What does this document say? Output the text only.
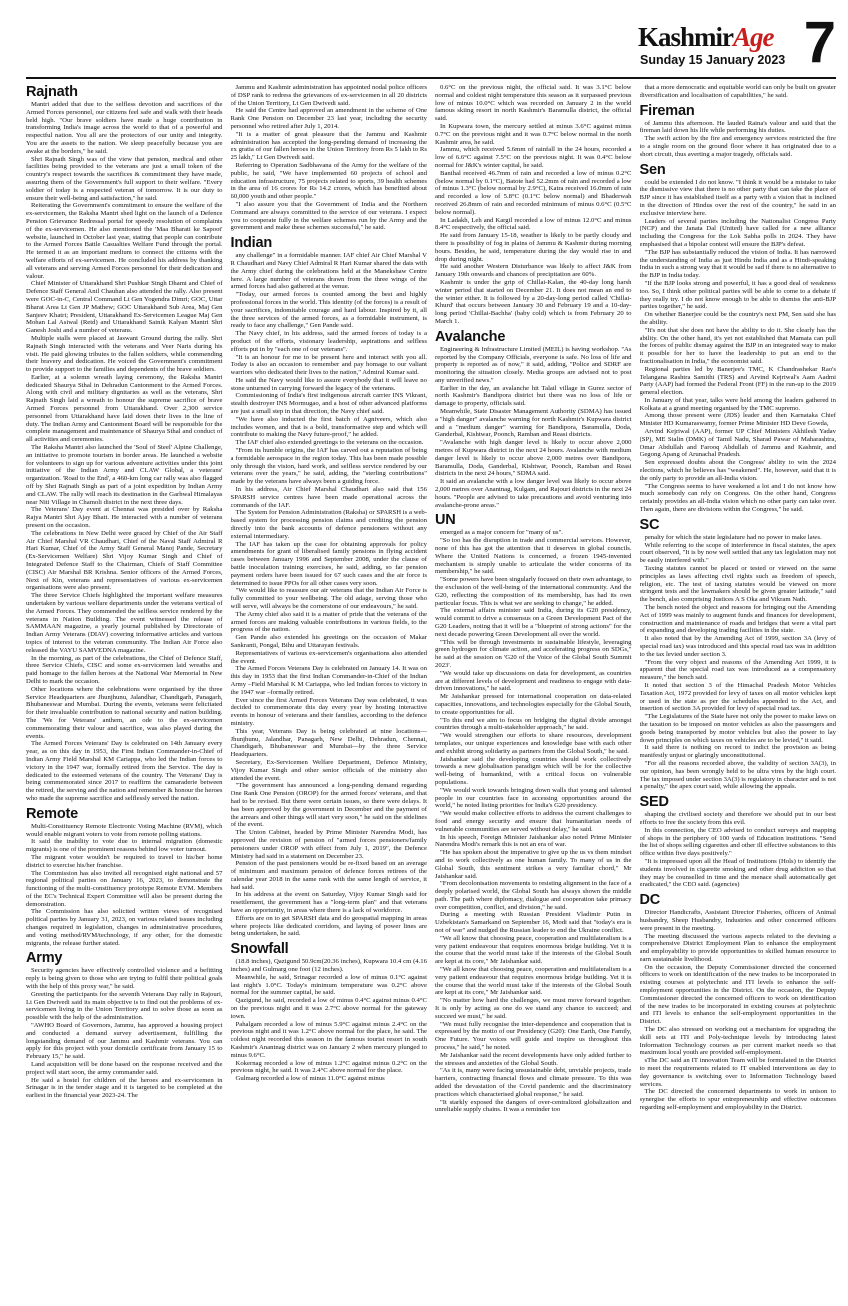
KashmirAge
Sunday 15 January 2023 7
Rajnath

Mantri added that due to the selfless devotion and sacrifices of the Armed Forces personnel, our citizens feel safe and walk with their heads held high. "Our brave soldiers have made a huge contribution in transforming India's image across the world to that of a powerful and respectful nation. You all are the protectors of our unity and integrity. You are the assets to the nation. We sleep peacefully because you are awake at the borders," he said.

Shri Rajnath Singh was of the view that pension, medical and other facilities being provided to the veterans are just a small token of the country's respect towards the sacrifices & commitment they have made, assuring them of the Government's full support to their welfare. "Every soldier of today is a respected veteran of tomorrow. It is our duty to ensure their well-being and satisfaction," he said.

Reiterating the Government's commitment to ensure the welfare of the ex-servicemen, the Raksha Mantri shed light on the launch of a Defence Pension Grievance Redressal portal for speedy resolution of complaints of the ex-servicemen. He also mentioned the 'Maa Bharati ke Sapoot' website, launched in October last year, stating that people can contribute to the Armed Forces Battle Casualties Welfare Fund through the portal. He termed it as an important medium to connect the citizens with the welfare efforts of ex-servicemen. He concluded his address by thanking all veterans and serving Armed Forces personnel for their dedication and valour.

Chief Minister of Uttarakhand Shri Pushkar Singh Dhami and Chief of Defence Staff General Anil Chauhan also attended the rally. Also present were GOC-in-C, Central Command Lt Gen Yogendra Dimri; GOC, Uttar Bharat Area Lt Gen JP Mathew; GOC Uttarakhand Sub Area, Maj Gen Sanjeev Khatri; President, Uttarakhand Ex-Servicemen League Maj Gen Mohan Lal Asiwal (Retd) and Uttarakhand Sainik Kalyan Mantri Shri Ganesh Joshi and a number of veterans.

Multiple stalls were placed at Jaswant Ground during the rally. Shri Rajnath Singh interacted with the veterans and Veer Naris during his visit. He paid glowing tributes to the fallen soldiers, while commending their bravery and dedication. He voiced the Government's commitment to provide support to the families and dependents of the brave soldiers.

Earlier, at a solemn wreath laying ceremony, the Raksha Mantri dedicated Shaurya Sthal in Dehradun Cantonment to the Armed Forces. Along with civil and military dignitaries as well as the veterans, Shri Rajnath Singh laid a wreath to honour the supreme sacrifice of brave Armed Forces personnel from Uttarakhand. Over 2,300 service personnel from Uttarakhand have laid down their lives in the line of duty. The Indian Army and Cantonment Board will be responsible for the complete management and maintenance of Shaurya Sthal and conduct of all activities and ceremonies.

The Raksha Mantri also launched the 'Soul of Steel' Alpine Challenge, an initiative to promote tourism in border areas. He launched a website for volunteers to sign up for various adventure activities under this joint initiative of the Indian Army and CLAW Global, a veterans' organization. 'Road to the End', a 460-km long car rally was also flagged off by Shri Rajnath Singh as part of a joint expedition by Indian Army and CLAW. The rally will reach its destination in the Garhwal Himalayas near Niti Village in Chamoli district in the next three days.

The Veterans' Day event at Chennai was presided over by Raksha Rajya Mantri Shri Ajay Bhatt. He interacted with a number of veterans present on the occasion.

The celebrations in New Delhi were graced by Chief of the Air Staff Air Chief Marshal VR Chaudhari, Chief of the Naval Staff Admiral R Hari Kumar, Chief of the Army Staff General Manoj Pande, Secretary (Ex-Servicemen Welfare) Shri Vijoy Kumar Singh and Chief of Integrated Defence Staff to the Chairman, Chiefs of Staff Committee (CISC) Air Marshal BR Krishna. Senior officers of the Armed Forces, Next of Kin, veterans and representatives of various ex-servicemen organisations were also present.

The three Service Chiefs highlighted the important welfare measures undertaken by various welfare departments under the veterans vertical of the Armed Forces. They commended the selfless service rendered by the veterans in Nation Building. The event witnessed the release of SAMMAAN magazine, a yearly journal published by Directorate of Indian Army Veterans (DIAV) covering informative articles and various topics of interest to the veteran community. The Indian Air Force also released the VAYU SAMVEDNA magazine.

In the morning, as part of the celebrations, the Chief of Defence Staff, three Service Chiefs, CISC and some ex-servicemen laid wreaths and paid homage to the fallen heroes at the National War Memorial in New Delhi to mark the occasion.

Other locations where the celebrations were organised by the three Service Headquarters are Jhunjhunu, Jalandhar, Chandigarh, Panagarh, Bhubaneswar and Mumbai. During the events, veterans were felicitated for their invaluable contribution to national security and nation building. The 'We for Veterans' anthem, an ode to the ex-servicemen commemorating their valour and sacrifice, was also played during the events.

The Armed Forces Veterans' Day is celebrated on 14th January every year, as on this day in 1953, the First Indian Commander-in-Chief of Indian Army Field Marshal KM Cariappa, who led the Indian forces to victory in the 1947 war, formally retired from the Service. The day is dedicated to the esteemed veterans of the country. The Veterans' Day is being commemorated since 2017 to reaffirm the camaraderie between the retired, the serving and the nation and remember & honour the heroes who made the supreme sacrifice and selflessly served the nation.

Remote

Multi-Constituency Remote Electronic Voting Machine (RVM), which would enable migrant voters to vote from remote polling stations.

It said the inability to vote due to internal migration (domestic migrants) is one of the prominent reasons behind low voter turnout.

The migrant voter wouldn't be required to travel to his/her home district to exercise his/her franchise.

The Commission has also invited all recognised eight national and 57 regional political parties on January 16, 2023, to demonstrate the functioning of the multi-constituency prototype Remote EVM. Members of the EC's Technical Expert Committee will also be present during the demonstration.

The Commission has also solicited written views of recognised political parties by January 31, 2023, on various related issues including changes required in legislation, changes in administrative procedures, and voting method/RVM/technology, if any other, for the domestic migrants, the release further stated.

Army

Security agencies have effectively controlled violence and a befitting reply is being given to those who are trying to fulfil their political goals with the help of this proxy war," he said.

Greeting the participants for the seventh Veterans Day rally in Rajouri, Lt Gen Dwivedi said its main objective is to find out the problems of ex-servicemen living in the Union Territory and to solve those as soon as possible with the help of the administration.

"AWHO Board of Governors, Jammu, has approved a housing project and conducted a demand survey advertisement, fulfilling the longstanding demand of our Jammu and Kashmir veterans. You can apply for this project with your domicile certificate from January 15 to February 15," he said.

Land acquisition will be done based on the response received and the project will start soon, the army commander said.

He said a hostel for children of the heroes and ex-servicemen in Srinagar is in the tender stage and it is targeted to be completed at the earliest in the financial year 2023-24. The

Jammu and Kashmir administration has appointed nodal police officers of DSP rank to redress the grievances of ex-servicemen in all 20 districts of the Union Territory, Lt Gen Dwivedi said.

He said the Centre had approved an amendment in the scheme of One Rank One Pension on December 23 last year, including the security personnel who retired after July 1, 2014.

"It is a matter of great pleasure that the Jammu and Kashmir administration has accepted the long-pending demand of increasing the ex gratia of our fallen heroes in the Union Territory from Rs 5 lakh to Rs 25 lakh," Lt Gen Dwivedi said.

Referring to Operation Sadbhavana of the Army for the welfare of the public, he said, "We have implemented 60 projects of school and education infrastructure, 75 projects related to sports, 39 health schemes in the area of 16 crores for Rs 14.2 crores, which has benefited about 60,000 youth and other people."

"I also assure you that the Government of India and the Northern Command are always committed to the service of our veterans. I expect you to cooperate fully in the welfare schemes run by the Army and the government and make these schemes successful," he said.

Indian

any challenge" in a formidable manner. IAF chief Air Chief Marshal V R Chaudhari and Navy Chief Admiral R Hari Kumar shared the dais with the Army chief during the celebrations held at the Manekshaw Centre here. A large number of veterans drawn from the three wings of the armed forces had also gathered at the venue.

"Today, our armed forces is counted among the best and highly professional forces in the world. This identity (of the forces) is a result of your sacrifices, indomitable courage and hard labour. Inspired by it, all the three services of the armed forces, as a formidable instrument, is ready to face any challenge," Gen Pande said.

The Navy chief, in his address, said the armed forces of today is a product of the efforts, visionary leadership, aspirations and selfless efforts put in by "each one of our veterans".

"It is an honour for me to be present here and interact with you all. Today is also an occasion to remember and pay homage to our valiant warriors who dedicated their lives to the nation," Admiral Kumar said.

He said the Navy would like to assure everybody that it will leave no stone unturned in carrying forward the legacy of the veterans.

Commissioning of India's first indigenous aircraft carrier INS Vikrant, stealth destroyer INS Mormugao, and a host of other advanced platforms are just a small step in that direction, the Navy chief said.

"We have also inducted the first batch of Agniveers, which also includes women, and that is a bold, transformative step and which will contribute to making the Navy future-proof," he added.

The IAF chief also extended greetings to the veterans on the occasion.

"From its humble origins, the IAF has carved out a reputation of being a formidable aerospace in the region today. This has been made possible only through the vision, hard work, and selfless service rendered by our veterans over the years," he said, adding, the "sterling contributions" made by the veterans have always been a guiding force.

In his address, Air Chief Marshal Chaudhari also said that 156 SPARSH service centres have been made operational across the commands of the IAF.

The System for Pension Administration (Raksha) or SPARSH is a web-based system for processing pension claims and crediting the pension directly into the bank accounts of defence pensioners without any external intermediary.

The IAF has taken up the case for obtaining approvals for policy amendments for grant of liberalised family pensions in flying accident cases between January 1996 and September 2008, under the clause of battle inoculation training exercises, he said, adding, so far pension payment orders have been issued for 67 such cases and the air force is determined to issue PPOs for all other cases very soon.

"We would like to reassure our air veterans that the Indian Air Force is fully committed to your wellbeing. The old adage, serving those who will serve, will always be the cornerstone of our endeavours," he said.

The Army chief also said it is a matter of pride that the veterans of the armed forces are making valuable contributions in various fields, to the progress of the nation.

Gen Pande also extended his greetings on the occasion of Makar Sankranti, Pongal, Bihu and Uttarayan festivals.

Representatives of various ex-servicemen's organisations also attended the event.

The Armed Forces Veterans Day is celebrated on January 14. It was on this day in 1953 that the first Indian Commander-in-Chief of the Indian Army –Field Marshal K M Cariappa, who led Indian forces to victory in the 1947 war –formally retired.

Ever since the first Armed Forces Veterans Day was celebrated, it was decided to commemorate this day every year by hosting interactive events in honour of veterans and their families, according to the defence ministry.

This year, Veterans Day is being celebrated at nine locations—Jhunjhunu, Jalandhar, Panagarh, New Delhi, Dehradun, Chennai, Chandigarh, Bhubaneswar and Mumbai—by the three Service Headquarters.

Secretary, Ex-Servicemen Welfare Department, Defence Ministry, Vijoy Kumar Singh and other senior officials of the ministry also attended the event.

"The government has announced a long-pending demand regarding One Rank One Pension (OROP) for the armed forces' veterans, and that had to be revised. But there were certain issues, so there were delays. It has been approved by the government in December and the payment of the arrears and other things will start very soon," he said on the sidelines of the event.

The Union Cabinet, headed by Prime Minister Narendra Modi, has approved the revision of pension of "armed forces pensioners/family pensioners under OROP with effect from July 1, 2019", the Defence Ministry had said in a statement on December 23.

Pension of the past pensioners would be re-fixed based on an average of minimum and maximum pension of defence forces retirees of the calendar year 2018 in the same rank with the same length of service, it had said.

In his address at the event on Saturday, Vijoy Kumar Singh said for resettlement, the government has a "long-term plan" and that veterans have an opportunity, in areas where there is a lack of workforce.

Efforts are on to get SPARSH data and do geospatial mapping in areas where projects like dedicated corridors, and laying of power lines are being undertaken, he said.

Snowfall

(18.8 inches), Qazigund 50.9cm(20.36 inches), Kupwara 10.4 cm (4.16 inches) and Gulmarg one foot (12 inches).

Meanwhile, he said, Srinagar recorded a low of minus 0.1°C against last night's 1.0°C. Today's minimum temperature was 0.2°C above normal for the summer capital, he said.

Qazigund, he said, recorded a low of minus 0.4°C against minus 0.4°C on the previous night and it was 2.7°C above normal for the gateway town.

Pahalgam recorded a low of minus 5.9°C against minus 2.4°C on the previous night and it was 1.2°C above normal for the place, he said. The coldest night recorded this season in the famous tourist resort in south Kashmir's Anantnag district was on January 2 when mercury plunged to minus 9.6°C.

Kokernag recorded a low of minus 1.2°C against minus 0.2°C on the previous night, he said. It was 2.4°C above normal for the place.

Gulmarg recorded a low of minus 11.0°C against minus

0.6°C on the previous night, the official said. It was 3.1°C below normal and coldest night temperature this season as it surpassed previous low of minus 10.0°C which was recorded on January 2 in the world famous skiing resort in north Kashmir's Baramulla district, the official said.

In Kupwara town, the mercury settled at minus 3.6°C against minus 0.7°C on the previous night and it was 0.7°C below normal in the north Kashmir area, he said.

Jammu, which received 5.6mm of rainfall in the 24 hours, recorded a low of 6.6°C against 7.5°C on the previous night. It was 0.4°C below normal for J&K's winter capital, he said.

Banihal received 46.7mm of rain and recorded a low of minus 0.2°C (below normal by 0.1°C), Batote had 52.2mm of rain and recorded a low of minus 1.3°C (below normal by 2.9°C), Katra received 16.0mm of rain and recorded a low of 5.8°C (0.1°C below normal) and Bhaderwah received 26.8mm of rain and recorded minimum of minus 0.6°C (0.5°C below normal).

In Ladakh, Leh and Kargil recorded a low of minus 12.0°C and minus 8.4°C respectively, the official said.

He said from January 15-18, weather is likely to be partly cloudy and there is possibility of fog in plains of Jammu & Kashmir during morning hours. Besides, he said, temperature during the day would rise in and drop during night.

He said another Western Disturbance was likely to affect J&K from January 19th onwards and chances of precipitation are 60%.

Kashmir is under the grip of Chillai-Kalan, the 40-day long harsh winter period that started on December 21. It does not mean an end to the winter either. It is followed by a 20-day-long period called 'Chillai-Khurd' that occurs between January 30 and February 19 and a 10-day-long period 'Chillai-Bachha' (baby cold) which is from February 20 to March 1.

Avalanche

Engineering & Infrastructure Limited (MEIL) is having workshop. "As reported by the Company Officials, everyone is safe. No loss of life and property is reported as of now," it said, adding, "Police and SDRF are monitoring the situation closely. Media groups are advised not to post any unverified news."

Earlier in the day, an avalanche hit Talail village in Gurez sector of north Kashmir's Bandipora district but there was no loss of life or damage to property, officials said.

Meanwhile, State Disaster Management Authority (SDMA) has issued a "high danger" avalanche warning for north Kashmir's Kupwara district and a "medium danger" warning for Bandipora, Baramulla, Doda, Ganderbal, Kishtwar, Poonch, Ramban and Reasi districts.

"Avalanche with high danger level is likely to occur above 2,000 metres of Kupwara district in the next 24 hours. Avalanche with medium danger level is likely to occur above 2,000 metres over Bandipora, Baramulla, Doda, Ganderbal, Kishtwar, Poonch, Ramban and Reasi districts in the next 24 hours," SDMA said.

It said an avalanche with a low danger level was likely to occur above 2,000 metres over Anantnag, Kulgam, and Rajouri districts in the next 24 hours. "People are advised to take precautions and avoid venturing into avalanche-prone areas."

UN

emerged as a major concern for "many of us".

"So too has the disruption in trade and commercial services. However, none of this has got the attention that it deserves in global councils. Where the United Nations is concerned, a frozen 1945-invented mechanism is simply unable to articulate the wider concerns of its membership," he said.

"Some powers have been singularly focused on their own advantage, to the exclusion of the well-being of the international community. And the G20, reflecting the composition of its membership, has had its own particular focus. This is what we are seeking to change," he added.

The external affairs minister said India, during its G20 presidency, would commit to drive a consensus on a Green Development Pact of the G20 Leaders, noting that it will be a "blueprint of strong actions" for the next decade powering Green Development all over the world.

"This will be through investments in sustainable lifestyle, leveraging green hydrogen for climate action, and accelerating progress on SDGs," he said at the session on 'G20 of the Voice of the Global South Summit 2023'.

"We would take up discussions on data for development, as countries are at different levels of development and readiness to engage with data-driven innovations," he said.

Mr Jaishankar pressed for international cooperation on data-related capacities, innovations, and technologies especially for the Global South, to create opportunities for all.

"To this end we aim to focus on bridging the digital divide amongst countries through a multi-stakeholder approach," he said.

"We would strengthen our efforts to share resources, development templates, our unique experiences and knowledge base with each other and exhibit strong solidarity as partners from the Global South," he said.

Jaishankar said the developing countries should work collectively towards a new globalisation paradigm which will be for the collective well-being of humankind, with a critical focus on vulnerable populations.

"We would work towards bringing down walls that young and talented people in our countries face in accessing opportunities around the world," he noted listing priorities for India's G20 presidency.

"We would make collective efforts to address the current challenges to food and energy security and ensure that humanitarian needs of vulnerable communities are served without delay," he said.

In his speech, Foreign Minister Jaishankar also noted Prime Minister Narendra Modi's remark this is not an era of war.

"He has spoken about the imperative to give up the us vs them mindset and to work collectively as one human family. To many of us in the Global South, this sentiment strikes a very familiar chord," Mr Jaishankar said.

"From decolonisation movements to resisting alignment in the face of a deeply polarised world, the Global South has always shown the middle path. The path where diplomacy, dialogue and cooperation take primacy over competition, conflict, and division," he said.

During a meeting with Russian President Vladimir Putin in Uzbekistan's Samarkand on September 16, Modi said that "today's era is not of war" and nudged the Russian leader to end the Ukraine conflict.

"We all know that choosing peace, cooperation and multilateralism is a very patient endeavour that requires enormous bridge building. Yet it is the course that the world must take if the interests of the Global South are kept at its core," Mr Jaishankar said.

"We all know that choosing peace, cooperation and multilateralism is a very patient endeavour that requires enormous bridge building. Yet it is the course that the world must take if the interests of the Global South are kept at its core," Mr Jaishankar said.

"No matter how hard the challenges, we must move forward together. It is only by acting as one do we stand any chance to succeed; and succeed we must," he said.

"We must fully recognise the inter-dependence and cooperation that is expressed by the motto of our Presidency (G20): One Earth, One Family, One Future. Your voices will guide and inspire us throughout this process," he said," he noted.

Mr Jaishankar said the recent developments have only added further to the stresses and anxieties of the Global South.

"As it is, many were facing unsustainable debt, unviable projects, trade barriers, contracting financial flows and climate pressure. To this was added the devastation of the Covid pandemic and the discriminatory practices which characterised global response," he said.

"It starkly exposed the dangers of over-centralized globalization and unreliable supply chains. It was a reminder too

that a more democratic and equitable world can only be built on greater diversification and localisation of capabilities," he said.

Fireman

of Jammu this afternoon. He lauded Raina's valour and said that the fireman laid down his life while performing his duties.

The swift action by the fire and emergency services restricted the fire to a single room on the ground floor where it has originated due to a short circuit, thus averting a major tragedy, officials said.

Sen

could be extended I do not know. "I think it would be a mistake to take the dismissive view that there is no other party that can take the place of BJP since it has established itself as a party with a vision that is inclined in the direction of Hindus over the rest of the country," he said in an exclusive interview here.

Leaders of several parties including the Nationalist Congress Party (NCP) and the Janata Dal (United) have called for a new alliance including the Congress for the Lok Sabha polls in 2024. They have emphasised that a bipolar contest will ensure the BJP's defeat.

"The BJP has substantially reduced the vision of India. It has narrowed the understanding of India as just Hindu India and as a Hindi-speaking India in such a strong way that it would be sad if there is no alternative to the BJP in India today.

"If the BJP looks strong and powerful, it has a good deal of weakness too. So, I think other political parties will be able to come to a debate if they really try. I do not know enough to be able to dismiss the anti-BJP parties together," he said.

On whether Banerjee could be the country's next PM, Sen said she has the ability.

"It's not that she does not have the ability to do it. She clearly has the ability. On the other hand, it's yet not established that Mamata can pull the forces of public dismay against the BJP in an integrated way to make it possible for her to have the leadership to put an end to the fractionalisation in India," the economist said.

Regional parties led by Banerjee's TMC, K Chandrashekar Rao's Telangana Rashtra Samithi (TRS) and Arvind Kejriwal's Aam Aadmi Party (AAP) had formed the Federal Front (FF) in the run-up to the 2019 general election.

In January of that year, talks were held among the leaders gathered in Kolkata at a grand meeting organised by the TMC supremo.

Among those present were (JDS) leader and then Karnataka Chief Minister HD Kumaraswamy, former Prime Minister HD Deve Gowda,

Arvind Kejriwal (AAP), former UP Chief Ministers Akhilesh Yadav (SP), ME Stalin (DMK) of Tamil Nadu, Sharad Pawar of Maharashtra, Omar Abdullah and Farooq Abdullah of Jammu and Kashmir, and Gegong Apang of Arunachal Pradesh.

Sen expressed doubts about the Congress' ability to win the 2024 elections, which he believes has "weakened". He, however, said that it is the only party to provide an all-India vision.

"The Congress seems to have weakened a lot and I do not know how much somebody can rely on Congress. On the other hand, Congress certainly provides an all-India vision which no other party can take over. Then again, there are divisions within the Congress," he said.

SC

penalty for which the state legislature had no power to make laws.

While referring to the scope of interference in fiscal statutes, the apex court observed, "It is by now well settled that any tax legislation may not be easily interfered with."

Taxing statutes cannot be placed or tested or viewed on the same principles as laws affecting civil rights such as freedom of speech, religion, etc. The test of taxing statutes would be viewed on more stringent tests and the lawmakers should be given greater latitude," said the bench, also comprising Justices A S Oka and Vikram Nath.

The bench noted the object and reasons for bringing out the Amending Act of 1999 was mainly to augment funds and finances for development, construction and maintenance of roads and bridges that were a vital part of expanding and developing trading facilities in the state.

It also noted that by the Amending Act of 1999, section 3A (levy of special road tax) was introduced and this special road tax was in addition to the tax levied under section 3.

"From the very object and reasons of the Amending Act 1999, it is apparent that the special road tax was introduced as a compensatory measure," the bench said.

It noted that section 3 of the Himachal Pradesh Motor Vehicles Taxation Act, 1972 provided for levy of taxes on all motor vehicles kept or used in the state as per the schedules appended to the Act, and insertion of section 3A provided for levy of special road tax.

"The Legislatures of the State have not only the power to make laws on the taxation to be imposed on motor vehicles as also the passengers and goods being transported by motor vehicles but also the power to lay down principles on which taxes on vehicles are to be levied," it said.

It said there is nothing on record to indict the provision as being manifestly unjust or glaringly unconstitutional.

"For all the reasons recorded above, the validity of section 3A(3), in our opinion, has been wrongly held to be ultra vires by the high court. The tax imposed under section 3A(3) is regulatory in character and is not a penalty," the apex court said, while allowing the appeals.

SED

shaping the civilised society and therefore we should put in our best efforts to free the society from this evil.

In this connection, the CEO advised to conduct surveys and mapping of shops in the periphery of 100 yards of Education institutions. "Send the list of shops selling cigarettes and other ill effective substances to this office within five days positively."

"It is impressed upon all the Head of Institutions (Hols) to identify the students involved in cigarette smoking and other drug addiction so that they may be counselled in time and the menace shall automatically get eradicated," the CEO said. (agencies)

DC

Director Handicrafts, Assistant Director Fisheries, officers of Animal husbandry, Sheep Husbandry, Industries and other concerned officers were present in the meeting.

The meeting discussed the various aspects related to the devising a comprehensive District Employment Plan to enhance the employment and employability to provide opportunities to skilled human resource to earn sustainable livelihood.

On the occasion, the Deputy Commissioner directed the concerned officers to work on identification of the new trades to be incorporated in existing courses at polytechnic and ITI levels to enhance the self-employment opportunities in the District. On the occasion, the Deputy Commissioner directed the concerned officers to work on identification of the new trades to be incorporated in existing courses at polytechnic and ITI levels to enhance the self-employment opportunities in the District.

The DC also stressed on working out a mechanism for upgrading the skill sets at ITI and Poly-technique levels by introducing latest Information Technology courses as per current market needs so that maximum local youth are provided self-employment.

sThe DC said an IT innovation Team will be formulated in the District to meet the requirements related to IT enabled interventions as day to day governance is switching over to Information Technology based services.

The DC directed the concerned departments to work in unison to synergise the efforts to spur entrepreneurship and effective outcomes regarding self-employment and employability in the District.
